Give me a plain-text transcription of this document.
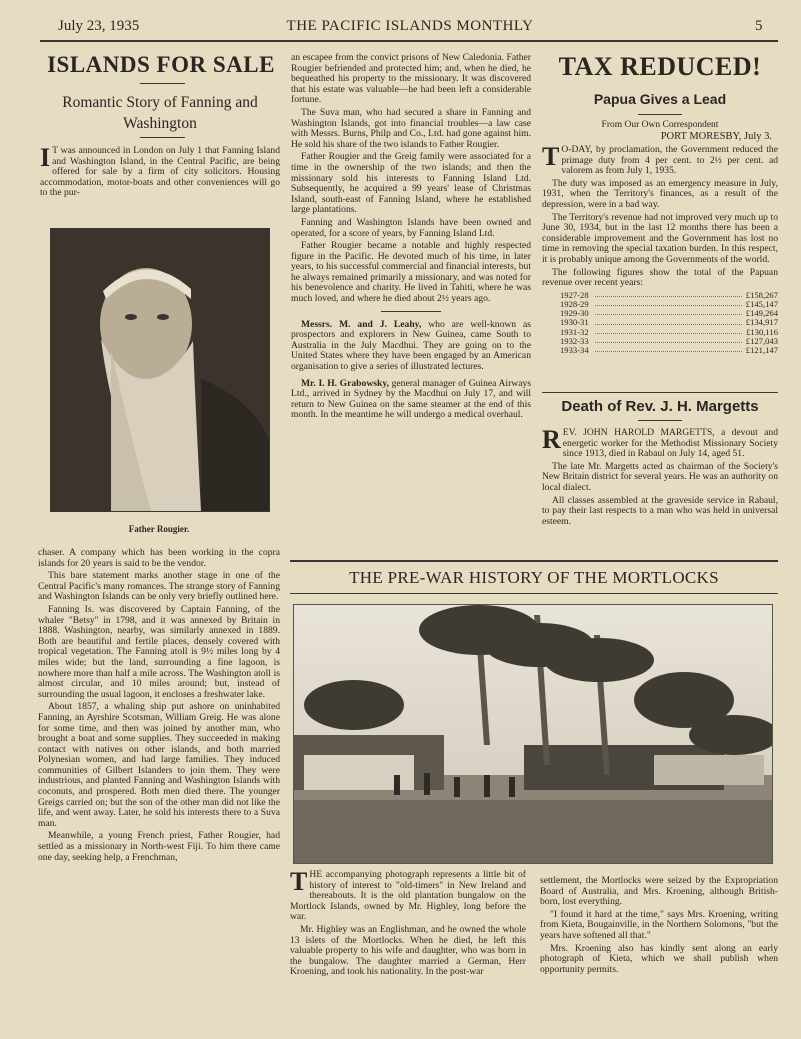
July 23, 1935	THE PACIFIC ISLANDS MONTHLY	5
ISLANDS FOR SALE
Romantic Story of Fanning and Washington
I T was announced in London on July 1 that Fanning Island and Washington Island, in the Central Pacific, are being offered for sale by a firm of city solicitors. Housing accommodation, motor-boats and other conveniences will go to the pur-
Father Rougier.

chaser. A company which has been working in the copra islands for 20 years is said to be the vendor.

This bare statement marks another stage in one of the Central Pacific's many romances. The strange story of Fanning and Washington Islands can be only very briefly outlined here.

Fanning Is. was discovered by Captain Fanning, of the whaler "Betsy" in 1798, and it was annexed by Britain in 1888. Washington, nearby, was similarly annexed in 1889. Both are beautiful and fertile places, densely covered with tropical vegetation. The Fanning atoll is 9½ miles long by 4 miles wide; but the land, surrounding a fine lagoon, is nowhere more than half a mile across. The Washington atoll is almost circular, and 10 miles around; but, instead of surrounding the usual lagoon, it encloses a freshwater lake.

About 1857, a whaling ship put ashore on uninhabited Fanning, an Ayrshire Scotsman, William Greig. He was alone for some time, and then was joined by another man, who brought a boat and some supplies. They succeeded in making contact with natives on other islands, and both married Polynesian women, and had large families. They induced communities of Gilbert Islanders to join them. They were industrious, and planted Fanning and Washington Islands with coconuts, and prospered. Both men died there. The younger Greigs carried on; but the son of the other man did not like the life, and went away. Later, he sold his interests there to a Suva man.

Meanwhile, a young French priest, Father Rougier, had settled as a missionary in North-west Fiji. To him there came one day, seeking help, a Frenchman,

an escapee from the convict prisons of New Caledonia. Father Rougier befriended and protected him; and, when he died, he bequeathed his property to the missionary. It was discovered that his estate was valuable—he had been left a considerable fortune.

The Suva man, who had secured a share in Fanning and Washington Islands, got into financial troubles—a law case with Messrs. Burns, Philp and Co., Ltd. had gone against him. He sold his share of the two islands to Father Rougier.

Father Rougier and the Greig family were associated for a time in the ownership of the two islands; and then the missionary sold his interests to Fanning Island Ltd. Subsequently, he acquired a 99 years' lease of Christmas Island, south-east of Fanning Island, where he established large plantations.

Fanning and Washington Islands have been owned and operated, for a score of years, by Fanning Island Ltd.

Father Rougier became a notable and highly respected figure in the Pacific. He devoted much of his time, in later years, to his successful commercial and financial interests, but he always remained primarily a missionary, and was noted for his benevolence and charity. He lived in Tahiti, where he was much loved, and where he died about 2½ years ago.

Messrs. M. and J. Leahy, who are well-known as prospectors and explorers in New Guinea, came South to Australia in the July Macdhui. They are going on to the United States where they have been engaged by an American organisation to give a series of illustrated lectures.

Mr. I. H. Grabowsky, general manager of Guinea Airways Ltd., arrived in Sydney by the Macdhui on July 17, and will return to New Guinea on the same steamer at the end of this month. In the meantime he will undergo a medical overhaul.

TAX REDUCED!
Papua Gives a Lead
From Our Own Correspondent
PORT MORESBY, July 3.

T O-DAY, by proclamation, the Government reduced the primage duty from 4 per cent. to 2½ per cent. ad valorem as from July 1, 1935.

The duty was imposed as an emergency measure in July, 1931, when the Territory's finances, as a result of the depression, were in a bad way.

The Territory's revenue had not improved very much up to June 30, 1934, but in the last 12 months there has been a considerable improvement and the Government has lost no time in removing the special taxation burden. In this respect, it is probably unique among the Governments of the world.

The following figures show the total of the Papuan revenue over recent years:

1927-28	£158,267
1928-29	£145,147
1929-30	£149,264
1930-31	£134,917
1931-32	£130,116
1932-33	£127,043
1933-34	£121,147
Death of Rev. J. H. Margetts

REV. JOHN HAROLD MARGETTS, a devout and energetic worker for the Methodist Missionary Society since 1913, died in Rabaul on July 14, aged 51.

The late Mr. Margetts acted as chairman of the Society's New Britain district for several years. He was an authority on local dialect.

All classes assembled at the graveside service in Rabaul, to pay their last respects to a man who was held in universal esteem.

THE PRE-WAR HISTORY OF THE MORTLOCKS

THE accompanying photograph represents a little bit of history of interest to "old-timers" in New Ireland and thereabouts. It is the old plantation bungalow on the Mortlock Islands, owned by Mr. Highley, long before the war.

Mr. Highley was an Englishman, and he owned the whole 13 islets of the Mortlocks. When he died, he left this valuable property to his wife and daughter, who was born in the bungalow. The daughter married a German, Herr Kroening, and took his nationality. In the post-war

settlement, the Mortlocks were seized by the Expropriation Board of Australia, and Mrs. Kroening, although British-born, lost everything.

"I found it hard at the time," says Mrs. Kroening, writing from Kieta, Bougainville, in the Northern Solomons, "but the years have softened all that."

Mrs. Kroening also has kindly sent along an early photograph of Kieta, which we shall publish when opportunity permits.
